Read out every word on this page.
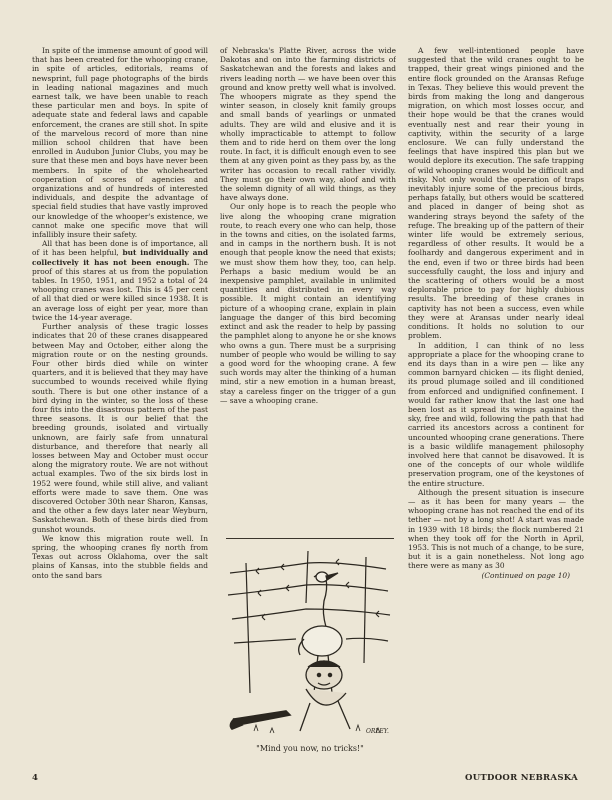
In spite of the immense amount of good will that has been created for the whooping crane, in spite of articles, editorials, reams of newsprint, full page photographs of the birds in leading national magazines and much earnest talk, we have been unable to reach these particular men and boys. In spite of adequate state and federal laws and capable enforcement, the cranes are still shot. In spite of the marvelous record of more than nine million school children that have been enrolled in Audubon Junior Clubs, you may be sure that these men and boys have never been members. In spite of the wholehearted cooperation of scores of agencies and organizations and of hundreds of interested individuals, and despite the advantage of special field studies that have vastly improved our knowledge of the whooper's existence, we cannot make one specific move that will infallibly insure their safety.

All that has been done is of importance, all of it has been helpful, but individually and collectively it has not been enough. The proof of this stares at us from the population tables. In 1950, 1951, and 1952 a total of 24 whooping cranes was lost. This is 45 per cent of all that died or were killed since 1938. It is an average loss of eight per year, more than twice the 14-year average.

Further analysis of these tragic losses indicates that 20 of these cranes disappeared between May and October, either along the migration route or on the nesting grounds. Four other birds died while on winter quarters, and it is believed that they may have succumbed to wounds received while flying south. There is but one other instance of a bird dying in the winter, so the loss of these four fits into the disastrous pattern of the past three seasons. It is our belief that the breeding grounds, isolated and virtually unknown, are fairly safe from unnatural disturbance, and therefore that nearly all losses between May and October must occur along the migratory route. We are not without actual examples. Two of the six birds lost in 1952 were found, while still alive, and valiant efforts were made to save them. One was discovered October 30th near Sharon, Kansas, and the other a few days later near Weyburn, Saskatchewan. Both of these birds died from gunshot wounds.

We know this migration route well. In spring, the whooping cranes fly north from Texas out across Oklahoma, over the salt plains of Kansas, into the stubble fields and onto the sand bars

of Nebraska's Platte River, across the wide Dakotas and on into the farming districts of Saskatchewan and the forests and lakes and rivers leading north — we have been over this ground and know pretty well what is involved. The whoopers migrate as they spend the winter season, in closely knit family groups and small bands of yearlings or unmated adults. They are wild and elusive and it is wholly impracticable to attempt to follow them and to ride herd on them over the long route. In fact, it is difficult enough even to see them at any given point as they pass by, as the writer has occasion to recall rather vividly. They must go their own way, aloof and with the solemn dignity of all wild things, as they have always done.

Our only hope is to reach the people who live along the whooping crane migration route, to reach every one who can help, those in the towns and cities, on the isolated farms, and in camps in the northern bush. It is not enough that people know the need that exists; we must show them how they, too, can help. Perhaps a basic medium would be an inexpensive pamphlet, available in unlimited quantities and distributed in every way possible. It might contain an identifying picture of a whooping crane, explain in plain language the danger of this bird becoming extinct and ask the reader to help by passing the pamphlet along to anyone he or she knows who owns a gun. There must be a surprising number of people who would be willing to say a good word for the whooping crane. A few such words may alter the thinking of a human mind, stir a new emotion in a human breast, stay a careless finger on the trigger of a gun — save a whooping crane.

ORLEY.
"Mind you now, no tricks!"

A few well-intentioned people have suggested that the wild cranes ought to be trapped, their great wings pinioned and the entire flock grounded on the Aransas Refuge in Texas. They believe this would prevent the birds from making the long and dangerous migration, on which most losses occur, and their hope would be that the cranes would eventually nest and rear their young in captivity, within the security of a large enclosure. We can fully understand the feelings that have inspired this plan but we would deplore its execution. The safe trapping of wild whooping cranes would be difficult and risky. Not only would the operation of traps inevitably injure some of the precious birds, perhaps fatally, but others would be scattered and placed in danger of being shot as wandering strays beyond the safety of the refuge. The breaking up of the pattern of their winter life would be extremely serious, regardless of other results. It would be a foolhardy and dangerous experiment and in the end, even if two or three birds had been successfully caught, the loss and injury and the scattering of others would be a most deplorable price to pay for highly dubious results. The breeding of these cranes in captivity has not been a success, even while they were at Aransas under nearly ideal conditions. It holds no solution to our problem.

In addition, I can think of no less appropriate a place for the whooping crane to end its days than in a wire pen — like any common barnyard chicken — its flight denied, its proud plumage soiled and ill conditioned from enforced and undignified confinement. I would far rather know that the last one had been lost as it spread its wings against the sky, free and wild, following the path that had carried its ancestors across a continent for uncounted whooping crane generations. There is a basic wildlife management philosophy involved here that cannot be disavowed. It is one of the concepts of our whole wildlife preservation program, one of the keystones of the entire structure.

Although the present situation is insecure — as it has been for many years — the whooping crane has not reached the end of its tether — not by a long shot! A start was made in 1939 with 18 birds; the flock numbered 21 when they took off for the North in April, 1953. This is not much of a change, to be sure, but it is a gain nonetheless. Not long ago there were as many as 30

(Continued on page 10)

4	OUTDOOR NEBRASKA
